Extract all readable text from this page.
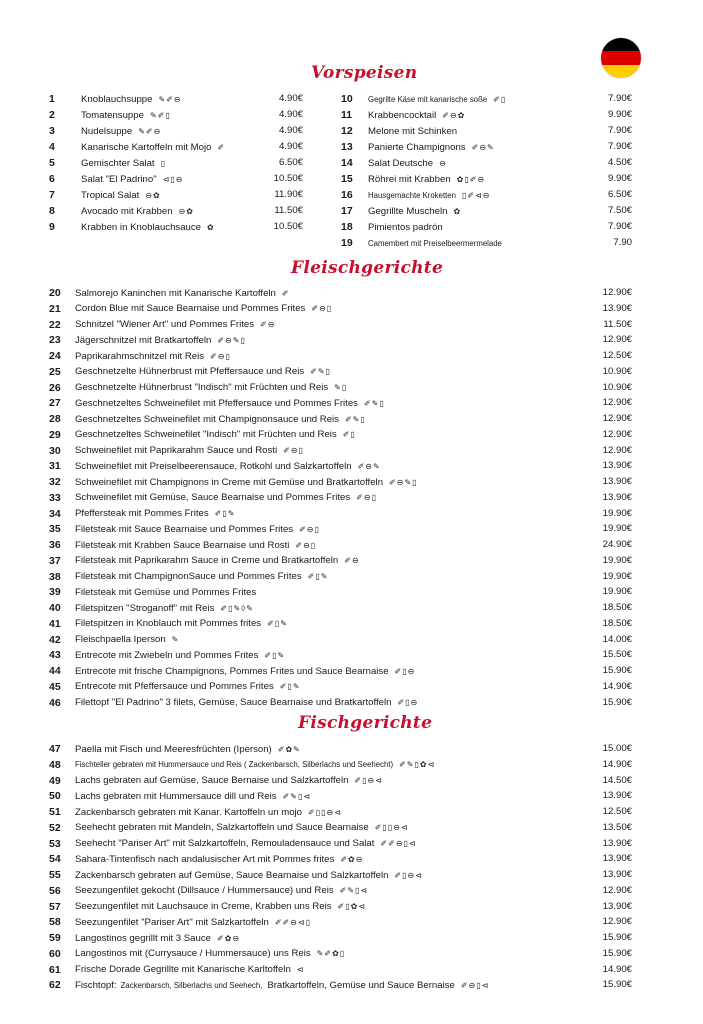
Vorspeisen
Fleischgerichte
Fischgerichte
1	Knoblauchsuppe ✎✐⊖	4.90€
2	Tomatensuppe ✎✐▯	4.90€
3	Nudelsuppe ✎✐⊖	4.90€
4	Kanarische Kartoffeln mit Mojo ✐	4.90€
5	Gemischter Salat ▯	6.50€
6	Salat "El Padrino" ⊲▯⊖	10.50€
7	Tropical Salat ⊖✿	11.90€
8	Avocado mit Krabben ⊖✿	11.50€
9	Krabben in Knoblauchsauce ✿	10.50€
10	Gegrilte Käse mit kanarische soße ✐▯	7.90€
11	Krabbencocktail ✐⊖✿	9.90€
12	Melone mit Schinken	7.90€
13	Panierte Champignons ✐⊖✎	7.90€
14	Salat Deutsche ⊖	4.50€
15	Röhrei mit Krabben ✿▯✐⊖	9.90€
16	Hausgemachte Kroketten ▯✐⊲⊖	6.50€
17	Gegrillte Muscheln ✿	7.50€
18	Pimientos padrón	7.90€
19	Camembert mit Preiselbeermermelade	7.90
20	Salmorejo Kaninchen mit Kanarische Kartoffeln ✐	12.90€
21	Cordon Blue mit Sauce Bearnaise und Pommes Frites ✐⊖▯	13.90€
22	Schnitzel "Wiener Art" und Pommes Frites ✐⊖	11.50€
23	Jägerschnitzel mit Bratkartoffeln ✐⊖✎▯	12.90€
24	Paprikarahmschnitzel mit Reis ✐⊖▯	12.50€
25	Geschnetzelte Hühnerbrust mit Pfeffersauce und Reis ✐✎▯	10.90€
26	Geschnetzelte Hühnerbrust "Indisch" mit Früchten und Reis ✎▯	10.90€
27	Geschnetzeltes Schweinefilet mit Pfeffersauce und Pommes Frites ✐✎▯	12.90€
28	Geschnetzeltes Schweinefilet mit Champignonsauce und Reis ✐✎▯	12.90€
29	Geschnetzeltes Schweinefilet "Indisch" mit Früchten und Reis ✐▯	12.90€
30	Schweinefilet mit Paprikarahm Sauce und Rosti ✐⊖▯	12.90€
31	Schweinefilet mit Preiselbeerensauce, Rotkohl und Salzkartoffeln ✐⊖✎	13.90€
32	Schweinefilet mit Champignons in Creme mit Gemüse und Bratkartoffeln ✐⊖✎▯	13.90€
33	Schweinefilet mit Gemüse, Sauce Bearnaise und Pommes Frites ✐⊖▯	13.90€
34	Pfeffersteak mit Pommes Frites ✐▯✎	19.90€
35	Filetsteak mit Sauce Bearnaise und Pommes Frites ✐⊖▯	19.90€
36	Filetsteak mit Krabben Sauce Bearnaise und Rosti ✐⊖▯	24.90€
37	Filetsteak mit Paprikarahm Sauce in Creme und Bratkartoffeln ✐⊖	19.90€
38	Filetsteak mit ChampignonSauce und Pommes Frites ✐▯✎	19.90€
39	Filetsteak mit Gemüse und Pommes Frites	19.90€
40	Filetspitzen "Stroganoff" mit Reis ✐▯✎◊✎	18.50€
41	Filetspitzen in Knoblauch mit Pommes frites ✐▯✎	18.50€
42	Fleischpaella Iperson ✎	14.00€
43	Entrecote mit Zwiebeln und Pommes Frites ✐▯✎	15.50€
44	Entrecote mit frische Champignons, Pommes Frites und Sauce Bearnaise ✐▯⊖	15.90€
45	Entrecote mit Pfeffersauce und Pommes Frites ✐▯✎	14.90€
46	Filettopf "El Padrino" 3 filets, Gemüse, Sauce Bearnaise und Bratkartoffeln ✐▯⊖	15.90€
47	Paella mit Fisch und Meeresfrüchten (Iperson) ✐✿✎	15.00€
48	Fischteller gebraten mit Hummersauce und Reis ( Zackenbarsch, Silberlachs und Seehecht) ✐✎▯✿⊲	14.90€
49	Lachs gebraten auf Gemüse, Sauce Bernaise und Salzkartoffeln ✐▯⊖⊲	14.50€
50	Lachs gebraten mit Hummersauce dill und Reis ✐✎▯⊲	13.90€
51	Zackenbarsch gebraten mit Kanar. Kartoffeln un mojo ✐▯▯⊖⊲	12.50€
52	Seehecht gebraten mit Mandeln, Salzkartoffeln und Sauce Bearnaise ✐▯▯⊖⊲	13.50€
53	Seehecht "Pariser Art" mit Salzkartoffeln, Remouladensauce und Salat ✐✐⊖▯⊲	13.90€
54	Sahara-Tintenfisch nach andalusischer Art mit Pommes frites ✐✿⊖	13.90€
55	Zackenbarsch gebraten auf Gemüse, Sauce Bearnaise und Salzkartoffeln ✐▯⊖⊲	13.90€
56	Seezungenfilet gekocht (Dillsauce / Hummersauce) und Reis ✐✎▯⊲	12.90€
57	Seezungenfilet mit Lauchsauce in Creme, Krabben uns Reis ✐▯✿⊲	13.90€
58	Seezungenfilet "Pariser Art" mit Salzkartoffeln ✐✐⊖⊲▯	12.90€
59	Langostinos gegrillt mit 3 Sauce ✐✿⊖	15.90€
60	Langostinos mit (Currysauce / Hummersauce) uns Reis ✎✐✿▯	15.90€
61	Frische Dorade Gegrillte mit Kanarische Karltoffeln ⊲	14.90€
62	Fischtopf: Zackenbarsch, Silberlachs und Seehech, Bratkartoffeln, Gemüse und Sauce Bernaise ✐⊖▯⊲	15.90€
